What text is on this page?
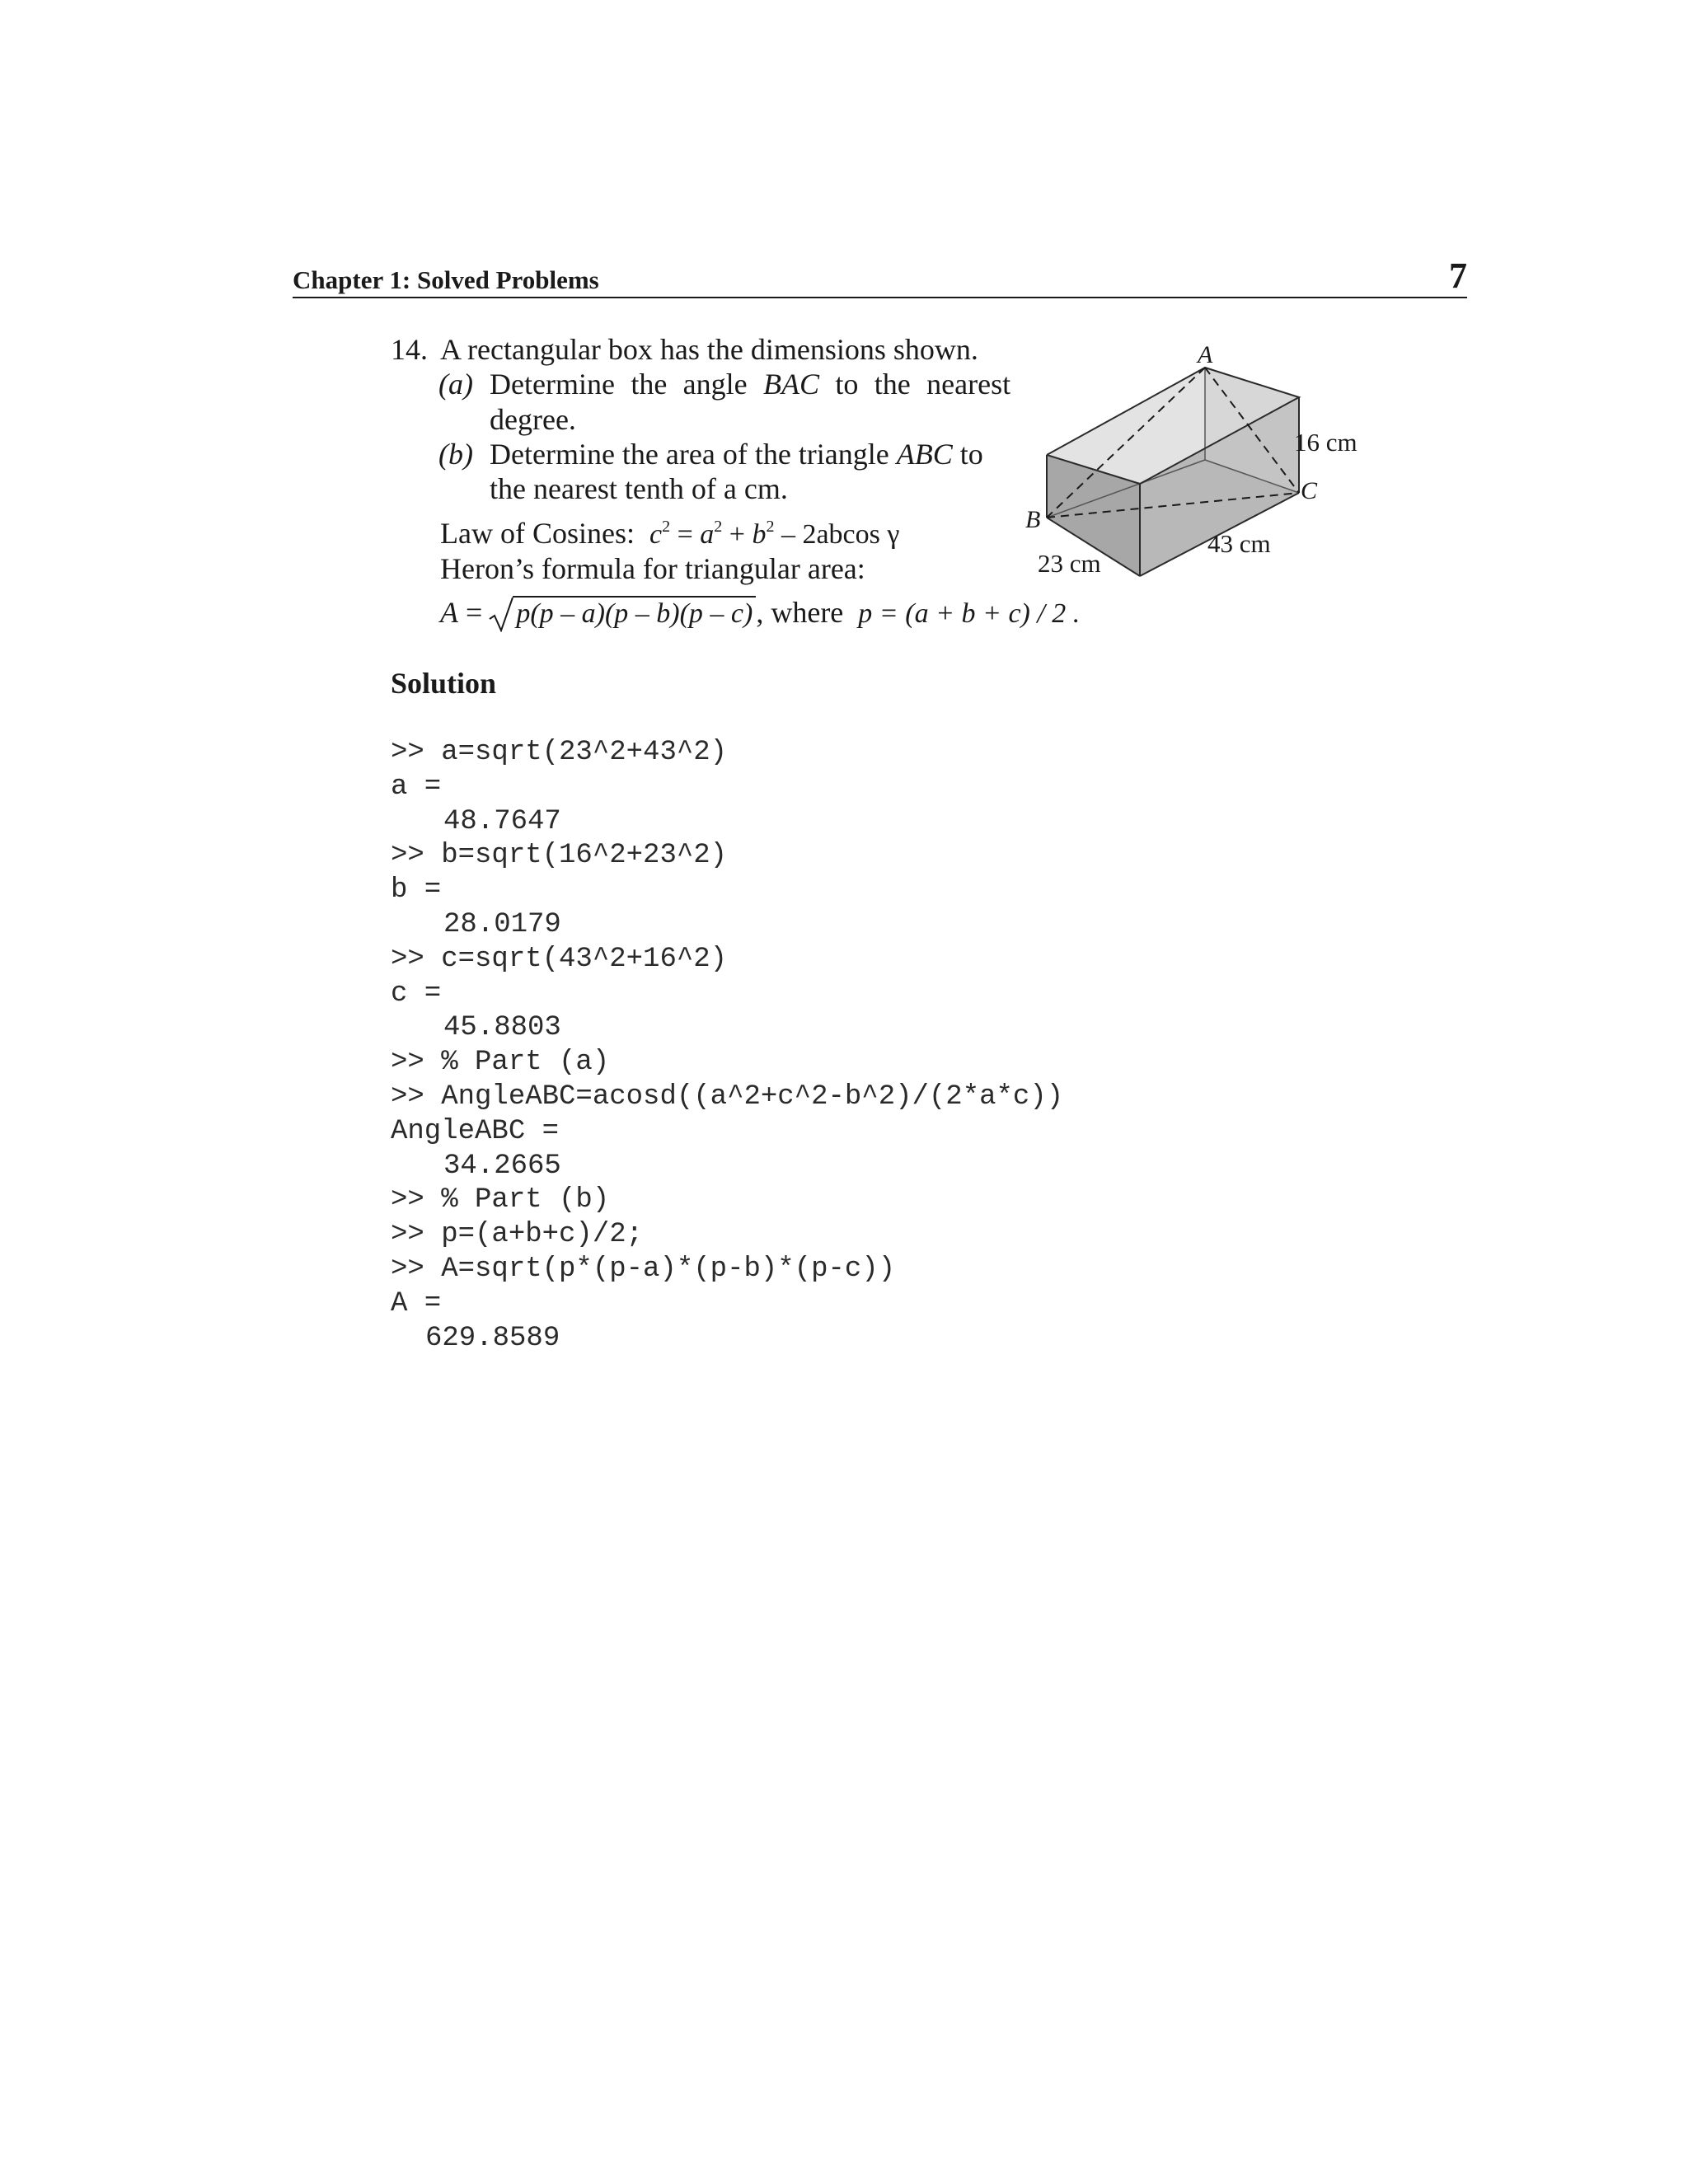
Chapter 1: Solved Problems	7
14. A rectangular box has the dimensions shown.
(a) Determine the angle BAC to the nearest
degree.
(b) Determine the area of the triangle ABC to
the nearest tenth of a cm.
Law of Cosines: $c^2 = a^2 + b^2 - 2abcos$ γ
Heron’s formula for triangular area:
A = p(p – a)(p – b)(p – c) , where p = (a + b + c) / 2 .
A
B
C
16 cm
43 cm
23 cm
Solution
>> a=sqrt(23^2+43^2)
a =
48.7647
>> b=sqrt(16^2+23^2)
b =
28.0179
>> c=sqrt(43^2+16^2)
c =
45.8803
>> % Part (a)
>> AngleABC=acosd((a^2+c^2-b^2)/(2*a*c))
AngleABC =
34.2665
>> % Part (b)
>> p=(a+b+c)/2;
>> A=sqrt(p*(p-a)*(p-b)*(p-c))
A =
629.8589
